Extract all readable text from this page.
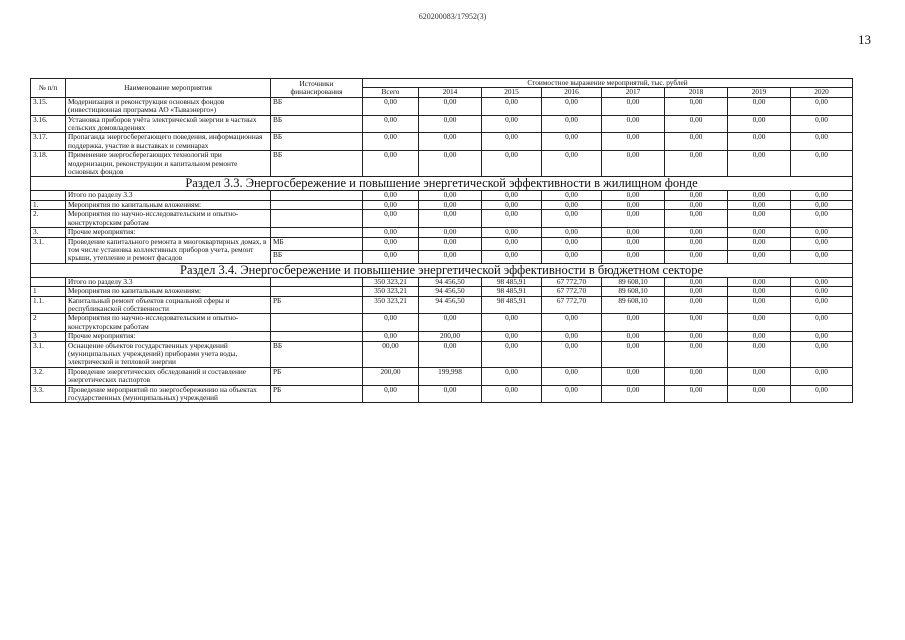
620200083/17952(3)
13
№ п/п	Наименование мероприятия	Источники финансирования	Стоимостное выражение мероприятий, тыс. рублей							
			Всего	2014	2015	2016	2017	2018	2019	2020
3.15.	Модернизация и реконструкция основных фондов (инвестиционная программа АО «Тываэнерго»)	ВБ	0,00	0,00	0,00	0,00	0,00	0,00	0,00	0,00
3.16.	Установка приборов учёта электрической энергии в частных сельских домовладениях	ВБ	0,00	0,00	0,00	0,00	0,00	0,00	0,00	0,00
3.17.	Пропаганда энергосберегающего поведения, информационная поддержка, участие в выставках и семинарах	ВБ	0,00	0,00	0,00	0,00	0,00	0,00	0,00	0,00
3.18.	Применение энергосберегающих технологий при модернизации, реконструкции и капитальном ремонте основных фондов	ВБ	0,00	0,00	0,00	0,00	0,00	0,00	0,00	0,00
Раздел 3.3. Энергосбережение и повышение энергетической эффективности в жилищном фонде										
	Итого по разделу 3.3		0,00	0,00	0,00	0,00	0,00	0,00	0,00	0,00
1.	Мероприятия по капитальным вложениям:		0,00	0,00	0,00	0,00	0,00	0,00	0,00	0,00
2.	Мероприятия по научно-исследовательским и опытно-конструкторским работам		0,00	0,00	0,00	0,00	0,00	0,00	0,00	0,00
3.	Прочие мероприятия:		0,00	0,00	0,00	0,00	0,00	0,00	0,00	0,00
3.1.	Проведение капитального ремонта в многоквартирных домах, в том числе установка коллективных приборов учета, ремонт крыши, утепление и ремонт фасадов	МБ	0,00	0,00	0,00	0,00	0,00	0,00	0,00	0,00
		ВБ	0,00	0,00	0,00	0,00	0,00	0,00	0,00	0,00
Раздел 3.4. Энергосбережение и повышение энергетической эффективности в бюджетном секторе										
	Итого по разделу 3.3		350 323,21	94 456,50	98 485,91	67 772,70	89 608,10	0,00	0,00	0,00
1	Мероприятия по капитальным вложениям:		350 323,21	94 456,50	98 485,91	67 772,70	89 608,10	0,00	0,00	0,00
1.1.	Капитальный ремонт объектов социальной сферы и республиканской собственности	РБ	350 323,21	94 456,50	98 485,91	67 772,70	89 608,10	0,00	0,00	0,00
2	Мероприятия по научно-исследовательским и опытно-конструкторским работам		0,00	0,00	0,00	0,00	0,00	0,00	0,00	0,00
3	Прочие мероприятия:		0,00	200,00	0,00	0,00	0,00	0,00	0,00	0,00
3.1.	Оснащение объектов государственных учреждений (муниципальных учреждений) приборами учета воды, электрической и тепловой энергии	ВБ	00,00	0,00	0,00	0,00	0,00	0,00	0,00	0,00
3.2.	Проведение энергетических обследований и составление энергетических паспортов	РБ	200,00	199,998	0,00	0,00	0,00	0,00	0,00	0,00
3.3.	Проведение мероприятий по энергосбережению на объектах государственных (муниципальных) учреждений	РБ	0,00	0,00	0,00	0,00	0,00	0,00	0,00	0,00
